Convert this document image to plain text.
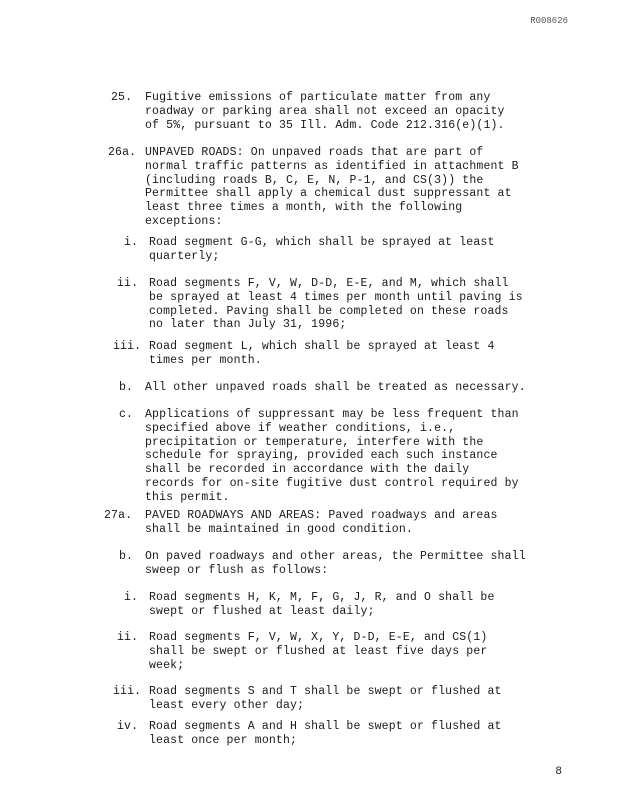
R008626
25. Fugitive emissions of particulate matter from any
roadway or parking area shall not exceed an opacity
of 5%, pursuant to 35 Ill. Adm. Code 212.316(e)(1).
26a. UNPAVED ROADS: On unpaved roads that are part of
normal traffic patterns as identified in attachment B
(including roads B, C, E, N, P-1, and CS(3)) the
Permittee shall apply a chemical dust suppressant at
least three times a month, with the following
exceptions:
i. Road segment G-G, which shall be sprayed at least
quarterly;
ii. Road segments F, V, W, D-D, E-E, and M, which shall
be sprayed at least 4 times per month until paving is
completed. Paving shall be completed on these roads
no later than July 31, 1996;
iii. Road segment L, which shall be sprayed at least 4
times per month.
b. All other unpaved roads shall be treated as necessary.
c. Applications of suppressant may be less frequent than
specified above if weather conditions, i.e.,
precipitation or temperature, interfere with the
schedule for spraying, provided each such instance
shall be recorded in accordance with the daily
records for on-site fugitive dust control required by
this permit.
27a. PAVED ROADWAYS AND AREAS: Paved roadways and areas
shall be maintained in good condition.
b. On paved roadways and other areas, the Permittee shall
sweep or flush as follows:
i. Road segments H, K, M, F, G, J, R, and O shall be
swept or flushed at least daily;
ii. Road segments F, V, W, X, Y, D-D, E-E, and CS(1)
shall be swept or flushed at least five days per
week;
iii. Road segments S and T shall be swept or flushed at
least every other day;
iv. Road segments A and H shall be swept or flushed at
least once per month;
8
